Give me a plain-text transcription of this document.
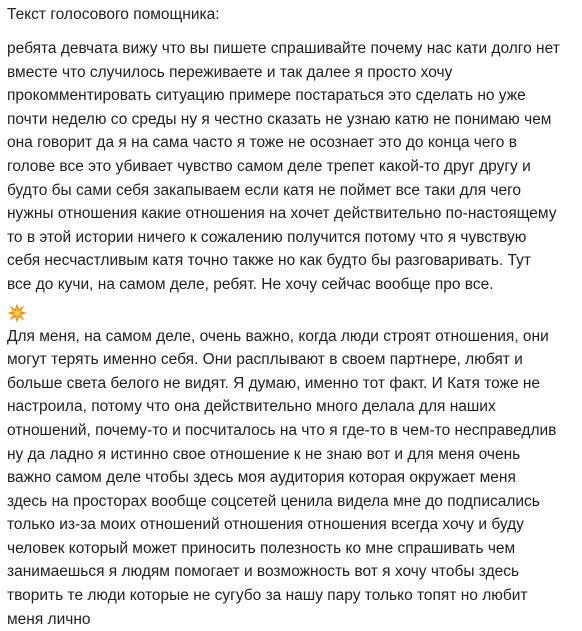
Текст голосового помощника:
ребята девчата вижу что вы пишете спрашивайте почему нас кати долго нет
вместе что случилось переживаете и так далее я просто хочу
прокомментировать ситуацию примере постараться это сделать но уже
почти неделю со среды ну я честно сказать не узнаю катю не понимаю чем
она говорит да я на сама часто я тоже не осознает это до конца чего в
голове все это убивает чувство самом деле трепет какой-то друг другу и
будто бы сами себя закапываем если катя не поймет все таки для чего
нужны отношения какие отношения на хочет действительно по-настоящему
то в этой истории ничего к сожалению получится потому что я чувствую
себя несчастливым катя точно также но как будто бы разговаривать. Тут
все до кучи, на самом деле, ребят. Не хочу сейчас вообще про все.
Для меня, на самом деле, очень важно, когда люди строят отношения, они
могут терять именно себя. Они расплывают в своем партнере, любят и
больше света белого не видят. Я думаю, именно тот факт. И Катя тоже не
настроила, потому что она действительно много делала для наших
отношений, почему-то и посчиталось на что я где-то в чем-то несправедлив
ну да ладно я истинно свое отношение к не знаю вот и для меня очень
важно самом деле чтобы здесь моя аудитория которая окружает меня
здесь на просторах вообще соцсетей ценила видела мне до подписались
только из-за моих отношений отношения отношения всегда хочу и буду
человек который может приносить полезность ко мне спрашивать чем
занимаешься я людям помогает и возможность вот я хочу чтобы здесь
творить те люди которые не сугубо за нашу пару только топят но любит
меня лично
